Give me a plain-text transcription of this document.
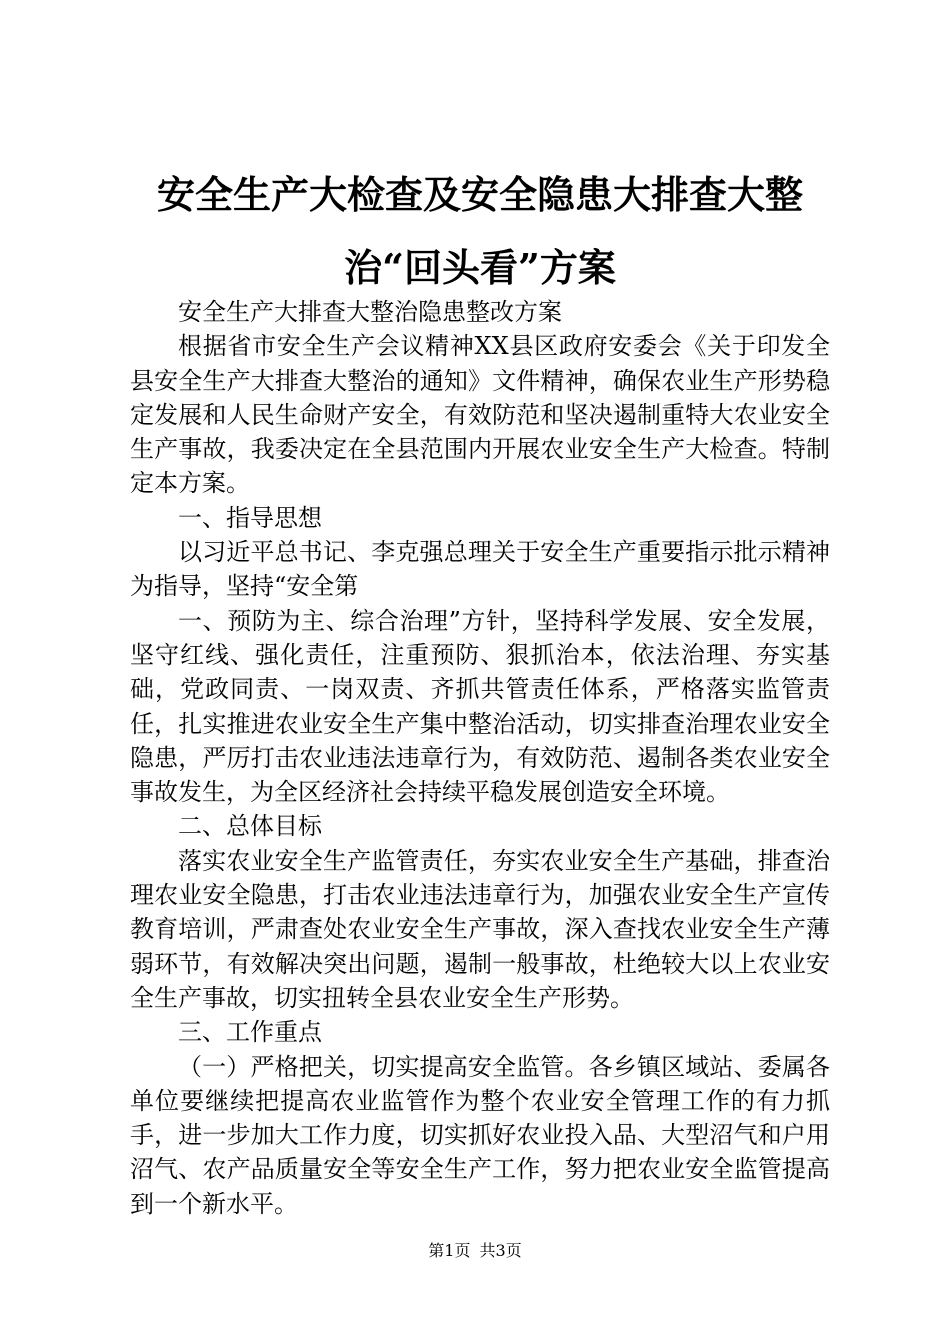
安全生产大检查及安全隐患大排查大整治“回头看”方案

安全生产大排查大整治隐患整改方案

根据省市安全生产会议精神XX县区政府安委会《关于印发全县安全生产大排查大整治的通知》文件精神，确保农业生产形势稳定发展和人民生命财产安全，有效防范和坚决遏制重特大农业安全生产事故，我委决定在全县范围内开展农业安全生产大检查。特制定本方案。

一、指导思想

以习近平总书记、李克强总理关于安全生产重要指示批示精神为指导，坚持“安全第

一、预防为主、综合治理”方针，坚持科学发展、安全发展，坚守红线、强化责任，注重预防、狠抓治本，依法治理、夯实基础，党政同责、一岗双责、齐抓共管责任体系，严格落实监管责任，扎实推进农业安全生产集中整治活动，切实排查治理农业安全隐患，严厉打击农业违法违章行为，有效防范、遏制各类农业安全事故发生，为全区经济社会持续平稳发展创造安全环境。

二、总体目标

落实农业安全生产监管责任，夯实农业安全生产基础，排查治理农业安全隐患，打击农业违法违章行为，加强农业安全生产宣传教育培训，严肃查处农业安全生产事故，深入查找农业安全生产薄弱环节，有效解决突出问题，遏制一般事故，杜绝较大以上农业安全生产事故，切实扭转全县农业安全生产形势。

三、工作重点

（一）严格把关，切实提高安全监管。各乡镇区域站、委属各单位要继续把提高农业监管作为整个农业安全管理工作的有力抓手，进一步加大工作力度，切实抓好农业投入品、大型沼气和户用沼气、农产品质量安全等安全生产工作，努力把农业安全监管提高到一个新水平。

第1页 共3页
